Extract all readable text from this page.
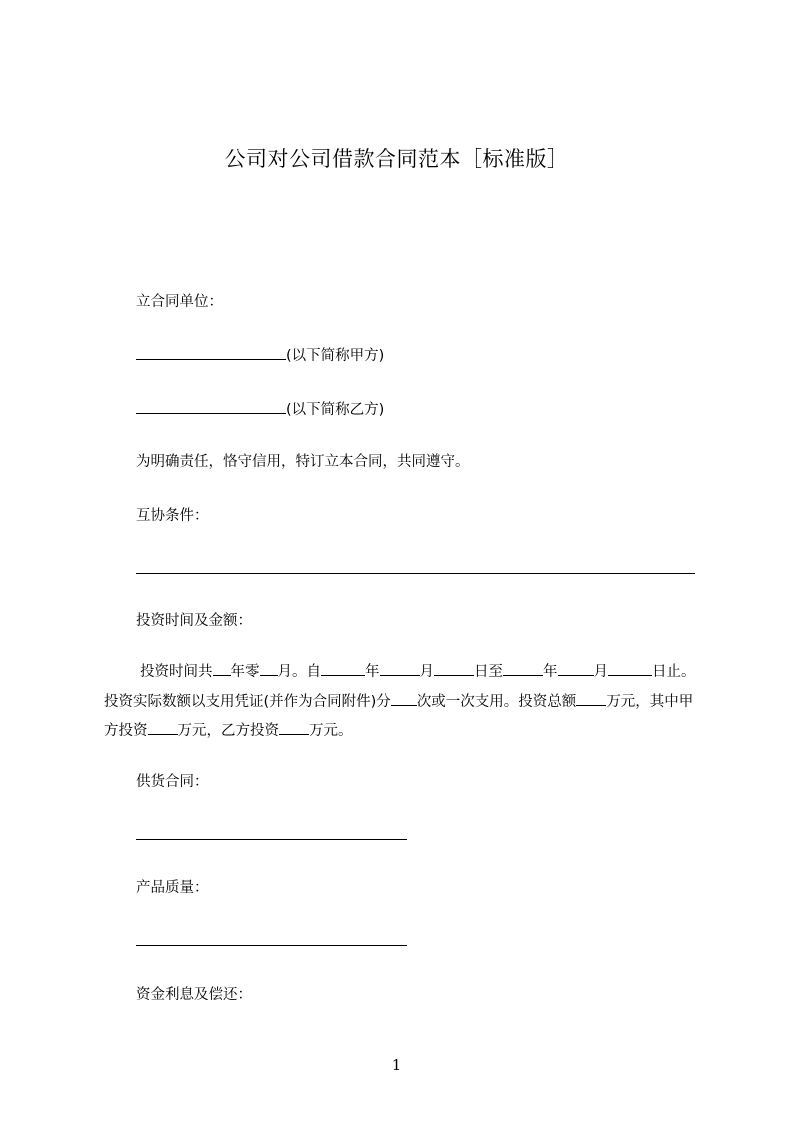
公司对公司借款合同范本［标准版］
立合同单位：
(以下简称甲方)
(以下简称乙方)
为明确责任，恪守信用，特订立本合同，共同遵守。
互协条件：
投资时间及金额：
投资时间共 年零 月。自	年	月	日至	年 月	日止。投资实际数额以支用凭证(并作为合同附件)分 次或一次支用。投资总额 万元，其中甲方投资 万元，乙方投资 万元。
供货合同：
产品质量：
资金利息及偿还：
1
